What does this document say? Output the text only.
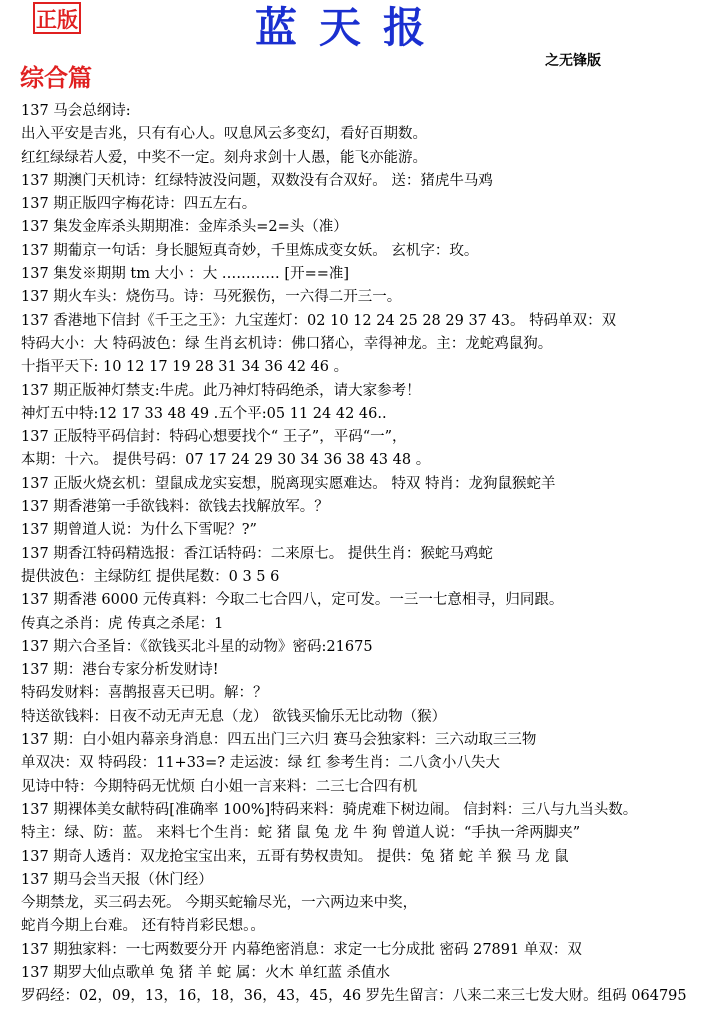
正版	蓝天报
之无锋版
综合篇
137 马会总纲诗:
出入平安是吉兆，只有有心人。叹息风云多变幻，看好百期数。
红红绿绿若人爱，中奖不一定。刻舟求剑十人愚，能飞亦能游。
137 期澳门天机诗：红绿特波没问题，双数没有合双好。 送：猪虎牛马鸡
137 期正版四字梅花诗：四五左右。
137 集发金库杀头期期准：金库杀头=2=头（准）
137 期葡京一句话：身长腿短真奇妙，千里炼成变女妖。 玄机字：玫。
137 集发※期期 tm 大小 ：大 ………… [开==准]
137 期火车头：烧伤马。诗：马死猴伤，一六得二开三一。
137 香港地下信封《千王之王》：九宝莲灯：02 10 12 24 25 28 29 37 43。 特码单双：双
特码大小：大 特码波色：绿 生肖玄机诗：佛口猪心，幸得神龙。主：龙蛇鸡鼠狗。
十指平天下: 10 12 17 19 28 31 34 36 42 46 。
137 期正版神灯禁支:牛虎。此乃神灯特码绝杀，请大家参考！
神灯五中特:12 17 33 48 49 .五个平:05 11 24 42 46..
137 正版特平码信封：特码心想要找个“ 王子”，平码“一”，
本期：十六。 提供号码：07 17 24 29 30 34 36 38 43 48 。
137 正版火烧玄机：望鼠成龙实妄想，脱离现实愿难达。 特双 特肖：龙狗鼠猴蛇羊
137 期香港第一手欲钱料：欲钱去找解放军。？
137 期曾道人说：为什么下雪呢？?”
137 期香江特码精选报：香江话特码：二来原七。 提供生肖：猴蛇马鸡蛇
提供波色：主绿防红 提供尾数：0 3 5 6
137 期香港 6000 元传真料：今取二七合四八，定可发。一三一七意相寻，归同跟。
传真之杀肖：虎 传真之杀尾：1
137 期六合圣旨：《欲钱买北斗星的动物》密码:21675
137 期：港台专家分析发财诗!
特码发财料：喜鹊报喜天已明。解：？
特送欲钱料：日夜不动无声无息（龙） 欲钱买愉乐无比动物（猴）
137 期：白小姐内幕亲身消息：四五出门三六归 赛马会独家料：三六动取三三物
单双决：双 特码段：11+33=? 走运波：绿 红 参考生肖：二八贪小八失大
见诗中特：今期特码无忧烦 白小姐一言来料：二三七合四有机
137 期裸体美女献特码[准确率 100%]特码来料：骑虎难下树边闹。 信封料：三八与九当头数。
特主：绿、防：蓝。 来料七个生肖：蛇 猪 鼠 兔 龙 牛 狗 曾道人说：“手执一斧两脚夹”
137 期奇人透肖：双龙抢宝宝出来，五哥有势权贵知。 提供：兔 猪 蛇 羊 猴 马 龙 鼠
137 期马会当天报（休门经）
今期禁龙，买三码去死。 今期买蛇输尽光，一六两边来中奖，
蛇肖今期上台难。 还有特肖彩民想。。
137 期独家料：一七两数要分开 内幕绝密消息：求定一七分成批 密码 27891 单双：双
137 期罗大仙点歌单 兔 猪 羊 蛇 属：火木 单红蓝 杀值水
罗码经：02，09，13，16，18，36，43，45，46 罗先生留言：八来二来三七发大财。组码 064795
